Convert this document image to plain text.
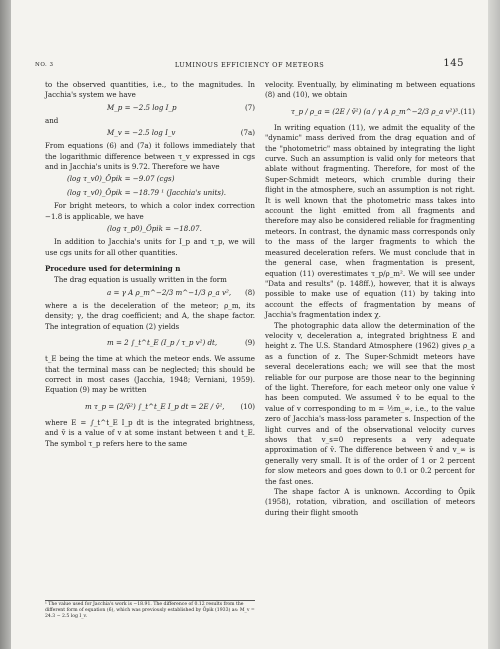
NO. 3	LUMINOUS EFFICIENCY OF METEORS	145

to the observed quantities, i.e., to the magnitudes. In Jacchia's system we have

M_p = −2.5 log I_p	(7)

and

M_v = −2.5 log I_v	(7a)

From equations (6) and (7a) it follows immediately that the logarithmic difference between τ_v expressed in cgs and in Jacchia's units is 9.72. Therefore we have

(log τ_v0)_Öpik = −9.07 (cgs)
(log τ_v0)_Öpik = −18.79 ¹ (Jacchia's units).

For bright meteors, to which a color index correction −1.8 is applicable, we have

(log τ_p0)_Öpik = −18.07.

In addition to Jacchia's units for I_p and τ_p, we will use cgs units for all other quantities.

Procedure used for determining n

The drag equation is usually written in the form

a = γ A ρ_m^−2/3 m^−1/3 ρ_a v², (8)

where a is the deceleration of the meteor; ρ_m, its density; γ, the drag coefficient; and A, the shape factor. The integration of equation (2) yields

m = 2 ∫_t^t_E (I_p / τ_p v²) dt,	(9)

t_E being the time at which the meteor ends. We assume that the terminal mass can be neglected; this should be correct in most cases (Jacchia, 1948; Verniani, 1959). Equation (9) may be written

m τ_p = (2/v̄²) ∫_t^t_E I_p dt = 2E / v̄², (10)

where E = ∫_t^t_E I_p dt is the integrated brightness, and v̄ is a value of v at some instant between t and t_E. The symbol τ_p refers here to the same

velocity. Eventually, by eliminating m between equations (8) and (10), we obtain

τ_p / ρ_a = (2E / v̄²) (a / γ A ρ_m^−2/3 ρ_a v²)³. (11)

In writing equation (11), we admit the equality of the "dynamic" mass derived from the drag equation and of the "photometric" mass obtained by integrating the light curve. Such an assumption is valid only for meteors that ablate without fragmenting. Therefore, for most of the Super-Schmidt meteors, which crumble during their flight in the atmosphere, such an assumption is not right. It is well known that the photometric mass takes into account the light emitted from all fragments and therefore may also be considered reliable for fragmenting meteors. In contrast, the dynamic mass corresponds only to the mass of the larger fragments to which the measured deceleration refers. We must conclude that in the general case, when fragmentation is present, equation (11) overestimates τ_p/ρ_m². We will see under "Data and results" (p. 148ff.), however, that it is always possible to make use of equation (11) by taking into account the effects of fragmentation by means of Jacchia's fragmentation index χ.

The photographic data allow the determination of the velocity v, deceleration a, integrated brightness E and height z. The U.S. Standard Atmosphere (1962) gives ρ_a as a function of z. The Super-Schmidt meteors have several decelerations each; we will see that the most reliable for our purpose are those near to the beginning of the light. Therefore, for each meteor only one value v̄ has been computed. We assumed v̄ to be equal to the value of v corresponding to m = ½m_∞, i.e., to the value zero of Jacchia's mass-loss parameter s. Inspection of the light curves and of the observational velocity curves shows that v_s=0 represents a very adequate approximation of v̄. The difference between v̄ and v_∞ is generally very small. It is of the order of 1 or 2 percent for slow meteors and goes down to 0.1 or 0.2 percent for the fast ones.

The shape factor A is unknown. According to Öpik (1958), rotation, vibration, and oscillation of meteors during their flight smooth

¹ The value used for Jacchia's work is −18.91. The difference of 0.12 results from the different form of equation (6), which was previously established by Öpik (1933) as: M_v = 24.3 − 2.5 log I_v.
